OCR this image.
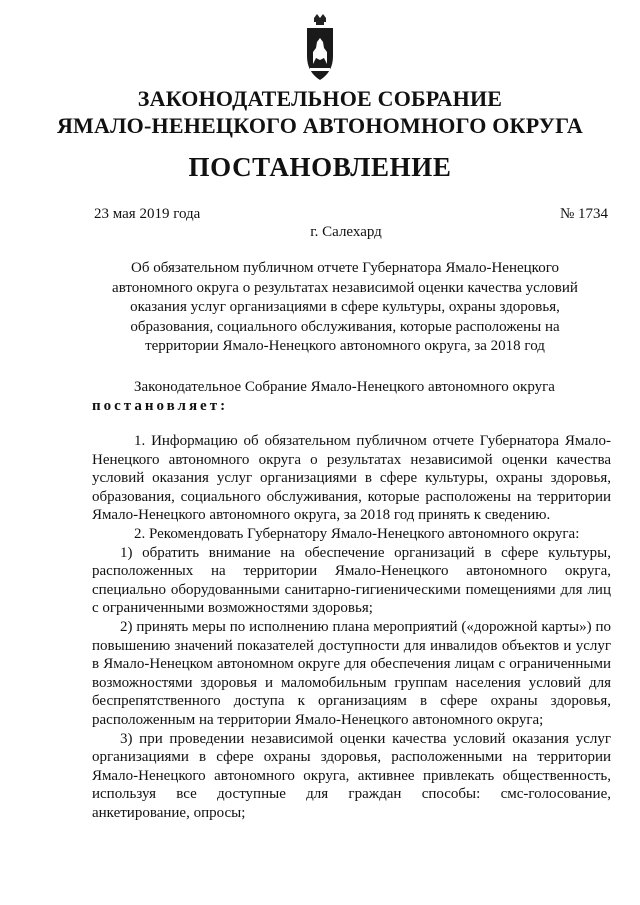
ЗАКОНОДАТЕЛЬНОЕ СОБРАНИЕ
ЯМАЛО-НЕНЕЦКОГО АВТОНОМНОГО ОКРУГА
ПОСТАНОВЛЕНИЕ
23 мая 2019 года	№ 1734
г. Салехард
Об обязательном публичном отчете Губернатора Ямало-Ненецкого автономного округа о результатах независимой оценки качества условий оказания услуг организациями в сфере культуры, охраны здоровья, образования, социального обслуживания, которые расположены на территории Ямало-Ненецкого автономного округа, за 2018 год

Законодательное Собрание Ямало-Ненецкого автономного округа

постановляет:

1. Информацию об обязательном публичном отчете Губернатора Ямало-Ненецкого автономного округа о результатах независимой оценки качества условий оказания услуг организациями в сфере культуры, охраны здоровья, образования, социального обслуживания, которые расположены на территории Ямало-Ненецкого автономного округа, за 2018 год принять к сведению.

2. Рекомендовать Губернатору Ямало-Ненецкого автономного округа:

1) обратить внимание на обеспечение организаций в сфере культуры, расположенных на территории Ямало-Ненецкого автономного округа, специально оборудованными санитарно-гигиеническими помещениями для лиц с ограниченными возможностями здоровья;

2) принять меры по исполнению плана мероприятий («дорожной карты») по повышению значений показателей доступности для инвалидов объектов и услуг в Ямало-Ненецком автономном округе для обеспечения лицам с ограниченными возможностями здоровья и маломобильным группам населения условий для беспрепятственного доступа к организациям в сфере охраны здоровья, расположенным на территории Ямало-Ненецкого автономного округа;

3) при проведении независимой оценки качества условий оказания услуг организациями в сфере охраны здоровья, расположенными на территории Ямало-Ненецкого автономного округа, активнее привлекать общественность, используя все доступные для граждан способы: смс-голосование, анкетирование, опросы;
